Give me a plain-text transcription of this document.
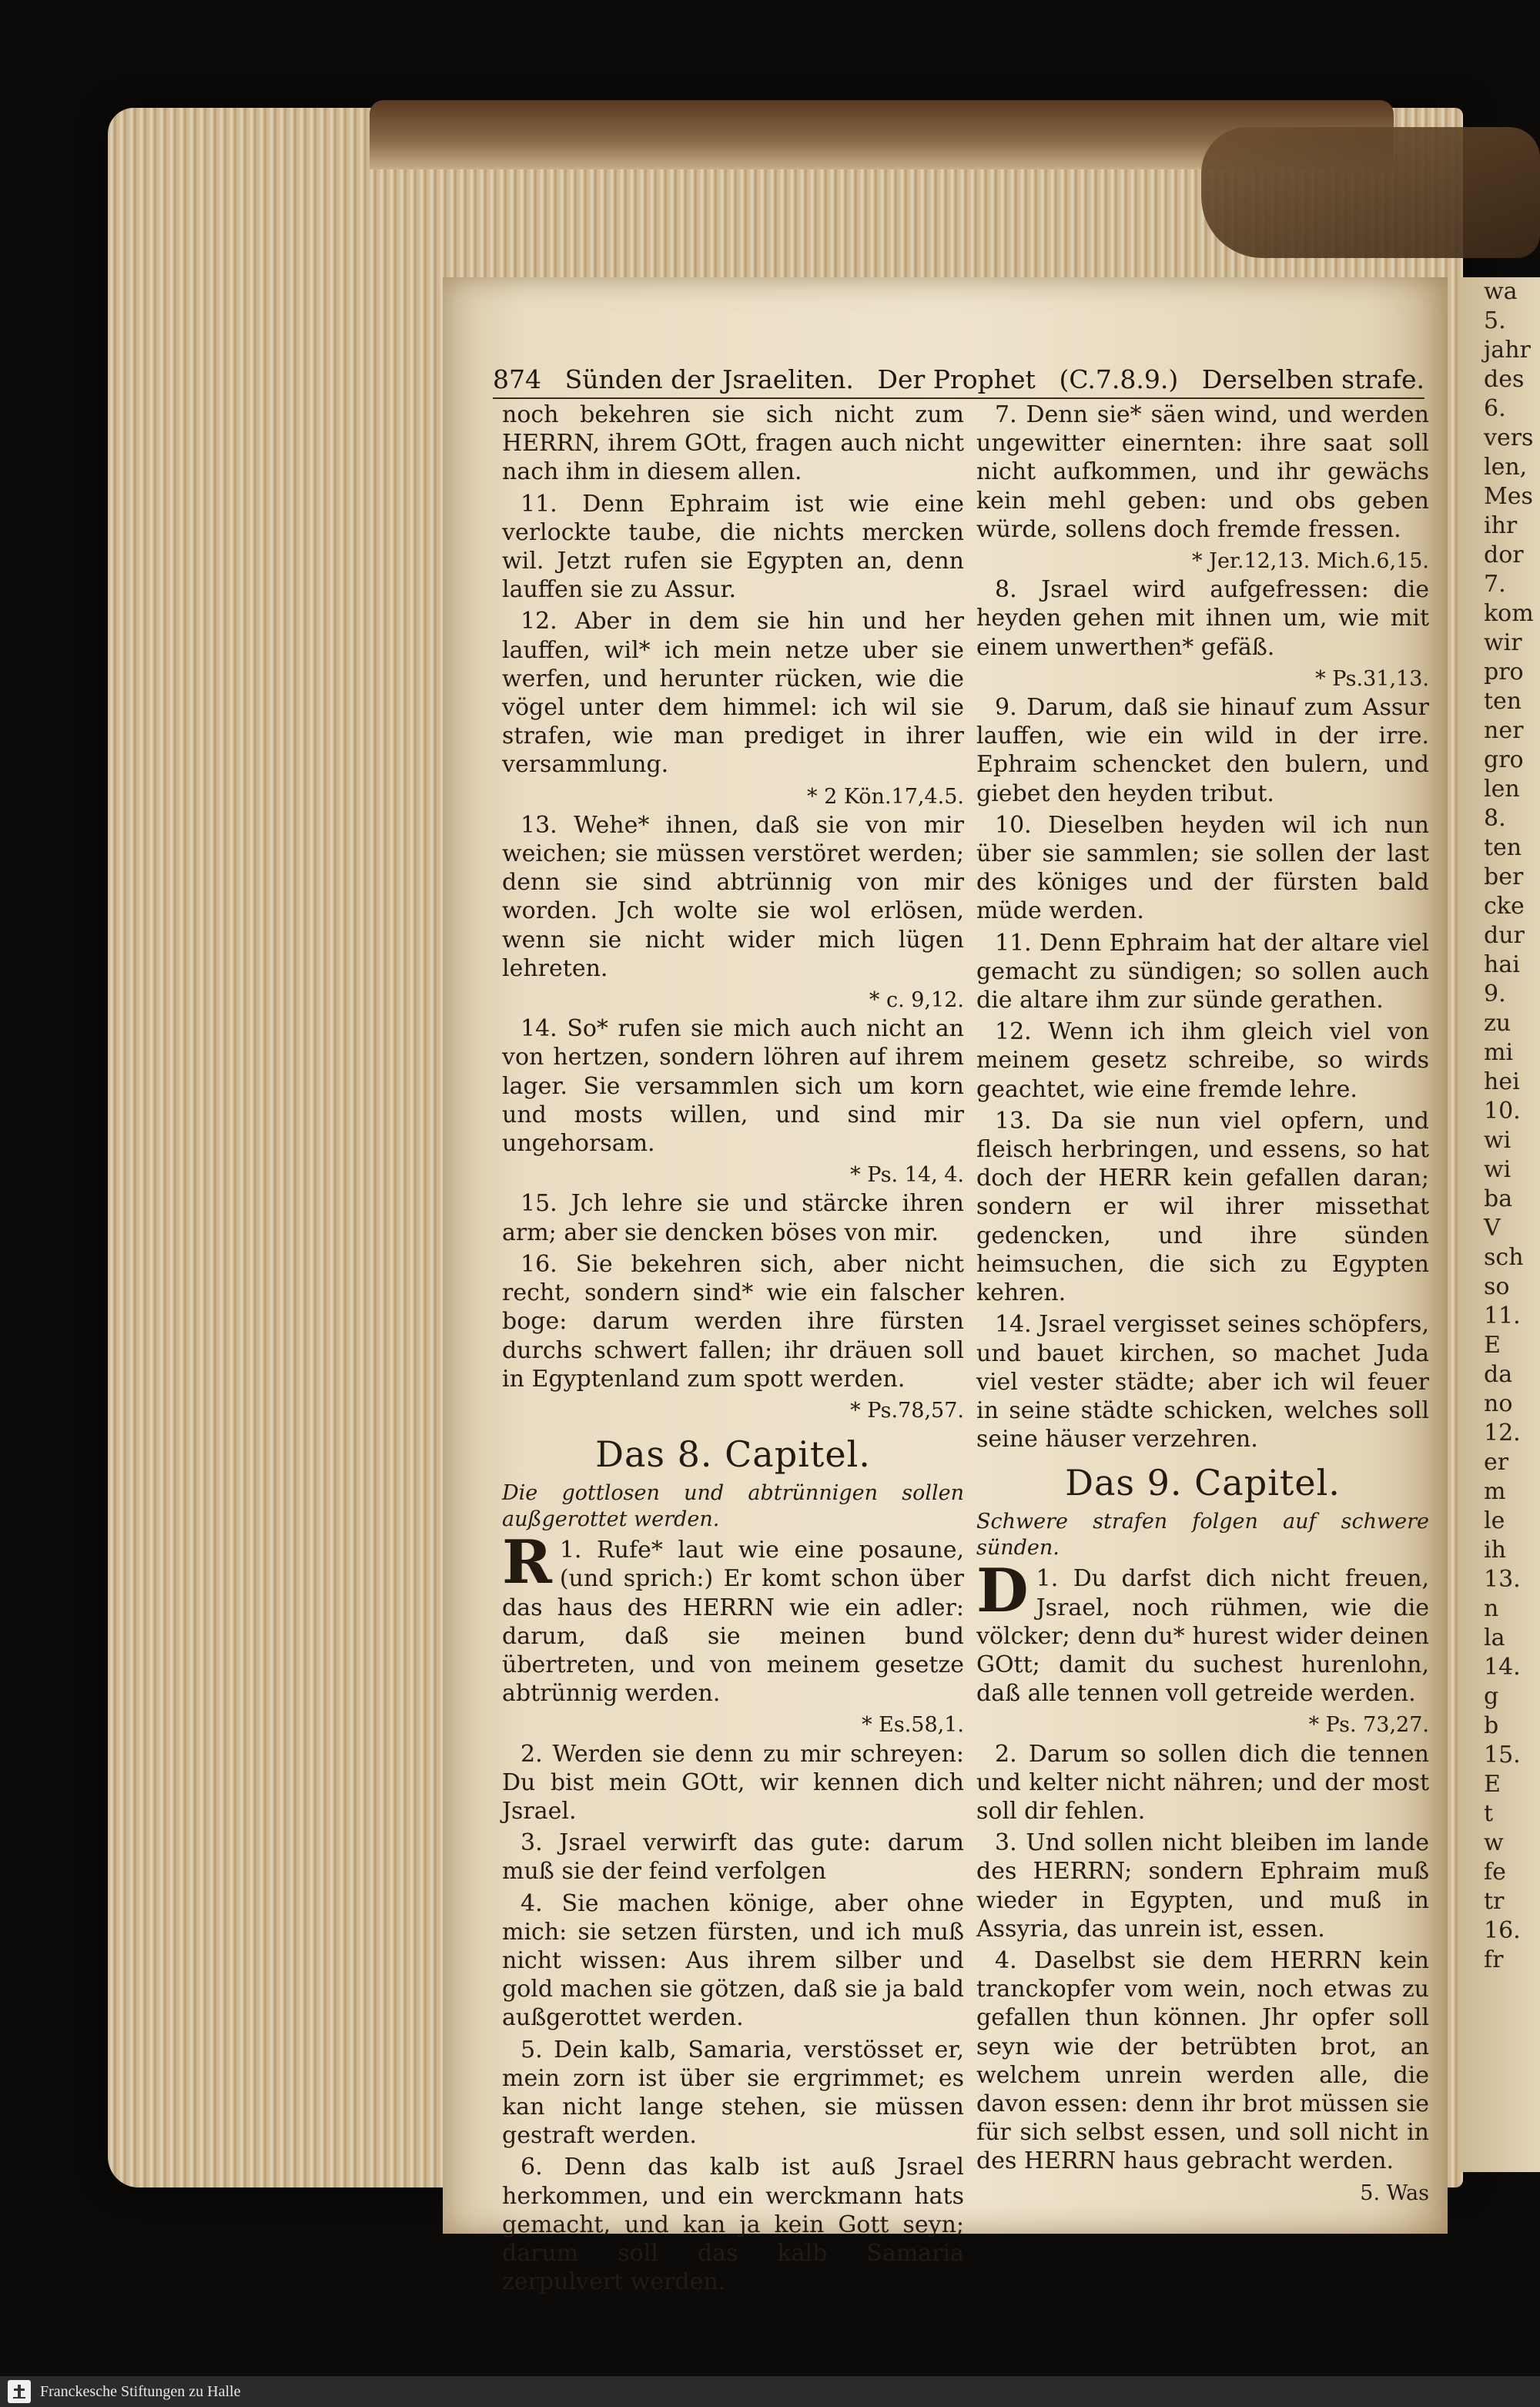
wa
5.
jahr
des
6.
vers
len,
Mes
ihr
dor
7.
kom
wir
pro
ten
ner
gro
len
8.
ten
ber
cke
dur
hai
9.
zu
mi
hei
10.
wi
wi
ba
V
sch
so
11.
E
da
no
12.
er
m
le
ih
13.
n
la
14.
g
b
15.
E
t
w
fe
tr
16.
fr
874 Sünden der Jsraeliten. Der Prophet (C.7.8.9.) Derselben strafe.

noch bekehren sie sich nicht zum HERRN, ihrem GOtt, fragen auch nicht nach ihm in diesem allen.

11. Denn Ephraim ist wie eine verlockte taube, die nichts mercken wil. Jetzt rufen sie Egypten an, denn lauffen sie zu Assur.

12. Aber in dem sie hin und her lauffen, wil* ich mein netze uber sie werfen, und herunter rücken, wie die vögel unter dem himmel: ich wil sie strafen, wie man prediget in ihrer versammlung.

* 2 Kön.17,4.5.

13. Wehe* ihnen, daß sie von mir weichen; sie müssen verstöret werden; denn sie sind abtrünnig von mir worden. Jch wolte sie wol erlösen, wenn sie nicht wider mich lügen lehreten.

* c. 9,12.

14. So* rufen sie mich auch nicht an von hertzen, sondern löhren auf ihrem lager. Sie versammlen sich um korn und mosts willen, und sind mir ungehorsam.

* Ps. 14, 4.

15. Jch lehre sie und stärcke ihren arm; aber sie dencken böses von mir.

16. Sie bekehren sich, aber nicht recht, sondern sind* wie ein falscher boge: darum werden ihre fürsten durchs schwert fallen; ihr dräuen soll in Egyptenland zum spott werden.

* Ps.78,57.
Das 8. Capitel.

Die gottlosen und abtrünnigen sollen außgerottet werden.

R 1. Rufe* laut wie eine posaune, (und sprich:) Er komt schon über das haus des HERRN wie ein adler: darum, daß sie meinen bund übertreten, und von meinem gesetze abtrünnig werden.

* Es.58,1.

2. Werden sie denn zu mir schreyen: Du bist mein GOtt, wir kennen dich Jsrael.

3. Jsrael verwirft das gute: darum muß sie der feind verfolgen

4. Sie machen könige, aber ohne mich: sie setzen fürsten, und ich muß nicht wissen: Aus ihrem silber und gold machen sie götzen, daß sie ja bald außgerottet werden.

5. Dein kalb, Samaria, verstösset er, mein zorn ist über sie ergrimmet; es kan nicht lange stehen, sie müssen gestraft werden.

6. Denn das kalb ist auß Jsrael herkommen, und ein werckmann hats gemacht, und kan ja kein Gott seyn; darum soll das kalb Samaria zerpulvert werden.

7. Denn sie* säen wind, und werden ungewitter einernten: ihre saat soll nicht aufkommen, und ihr gewächs kein mehl geben: und obs geben würde, sollens doch fremde fressen.

* Jer.12,13. Mich.6,15.

8. Jsrael wird aufgefressen: die heyden gehen mit ihnen um, wie mit einem unwerthen* gefäß.

* Ps.31,13.

9. Darum, daß sie hinauf zum Assur lauffen, wie ein wild in der irre. Ephraim schencket den bulern, und giebet den heyden tribut.

10. Dieselben heyden wil ich nun über sie sammlen; sie sollen der last des königes und der fürsten bald müde werden.

11. Denn Ephraim hat der altare viel gemacht zu sündigen; so sollen auch die altare ihm zur sünde gerathen.

12. Wenn ich ihm gleich viel von meinem gesetz schreibe, so wirds geachtet, wie eine fremde lehre.

13. Da sie nun viel opfern, und fleisch herbringen, und essens, so hat doch der HERR kein gefallen daran; sondern er wil ihrer missethat gedencken, und ihre sünden heimsuchen, die sich zu Egypten kehren.

14. Jsrael vergisset seines schöpfers, und bauet kirchen, so machet Juda viel vester städte; aber ich wil feuer in seine städte schicken, welches soll seine häuser verzehren.

Das 9. Capitel.

Schwere strafen folgen auf schwere sünden.

D 1. Du darfst dich nicht freuen, Jsrael, noch rühmen, wie die völcker; denn du* hurest wider deinen GOtt; damit du suchest hurenlohn, daß alle tennen voll getreide werden.

* Ps. 73,27.

2. Darum so sollen dich die tennen und kelter nicht nähren; und der most soll dir fehlen.

3. Und sollen nicht bleiben im lande des HERRN; sondern Ephraim muß wieder in Egypten, und muß in Assyria, das unrein ist, essen.

4. Daselbst sie dem HERRN kein tranckopfer vom wein, noch etwas zu gefallen thun können. Jhr opfer soll seyn wie der betrübten brot, an welchem unrein werden alle, die davon essen: denn ihr brot müssen sie für sich selbst essen, und soll nicht in des HERRN haus gebracht werden.

5. Was
Franckesche Stiftungen zu Halle
